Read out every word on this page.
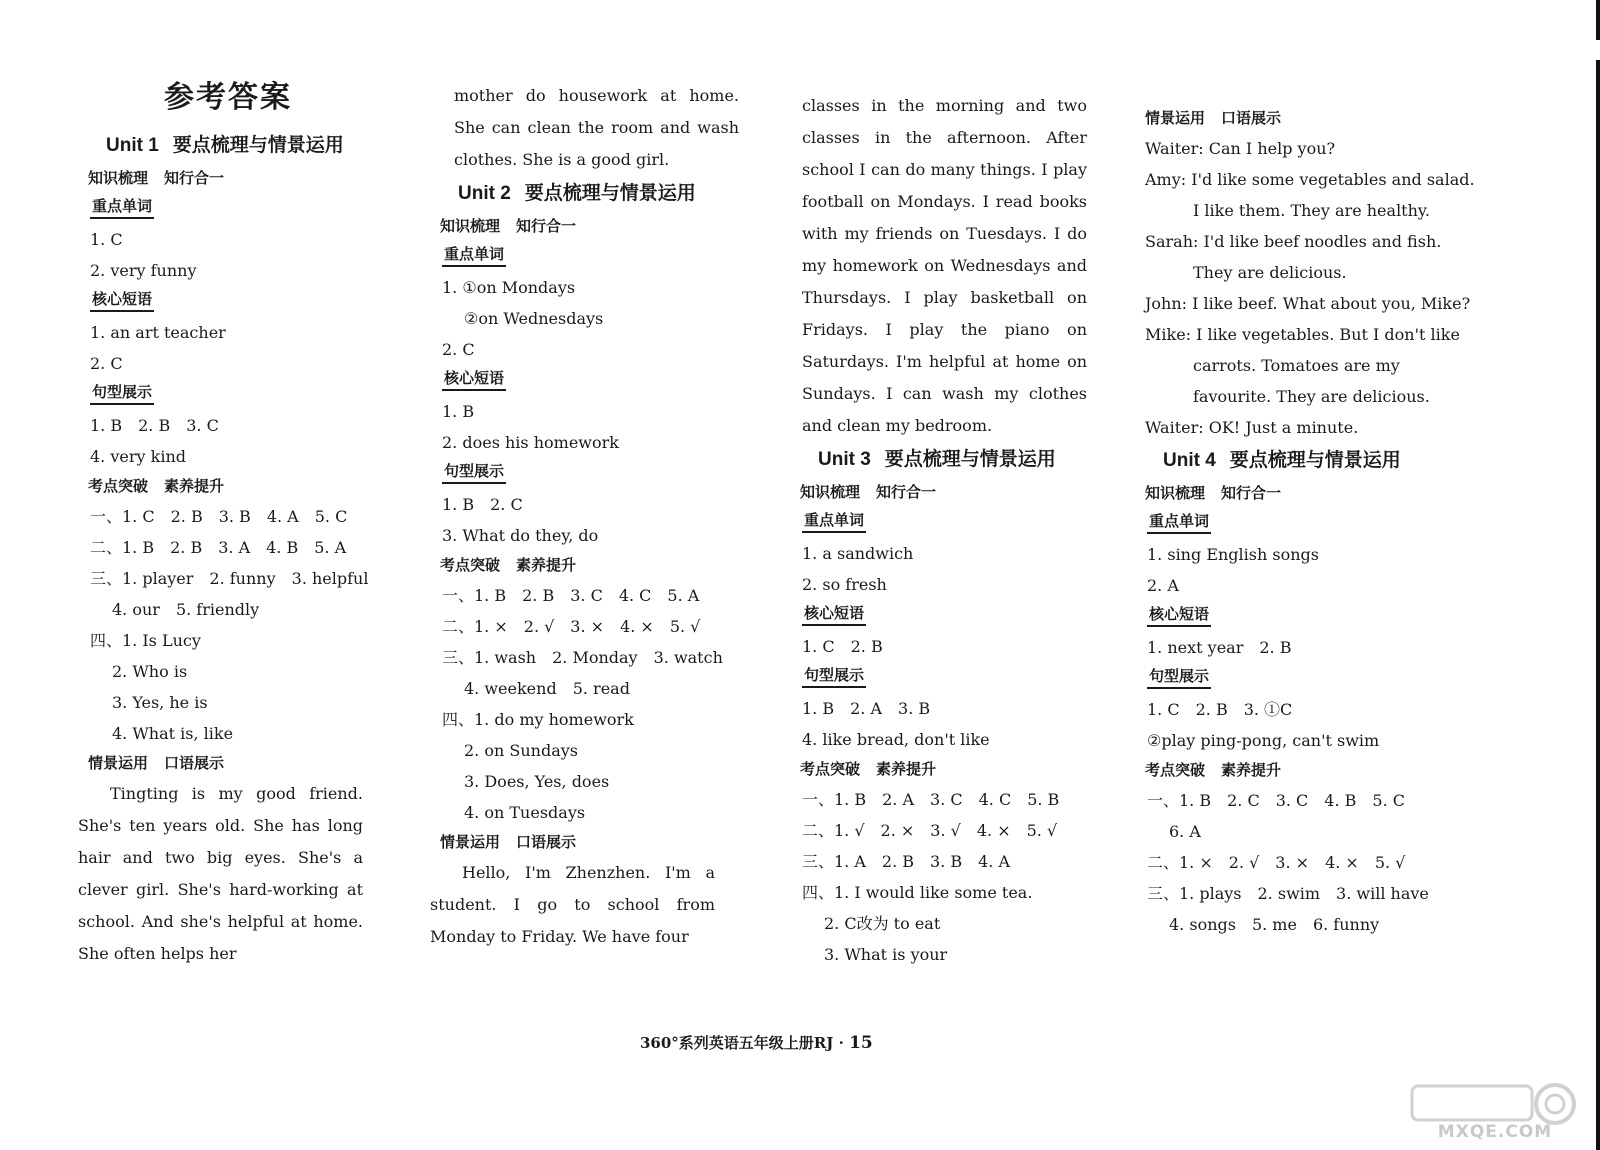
参考答案
Unit 1 要点梳理与情景运用
知识梳理 知行合一
重点单词
1. C
2. very funny
核心短语
1. an art teacher
2. C
句型展示
1. B　2. B　3. C
4. very kind
考点突破 素养提升
一、1. C　2. B　3. B　4. A　5. C
二、1. B　2. B　3. A　4. B　5. A
三、1. player　2. funny　3. helpful
4. our　5. friendly
四、1. Is Lucy
2. Who is
3. Yes, he is
4. What is, like
情景运用 口语展示
Tingting is my good friend. She's ten years old. She has long hair and two big eyes. She's a clever girl. She's hard-working at school. And she's helpful at home. She often helps her
mother do housework at home. She can clean the room and wash clothes. She is a good girl.
Unit 2 要点梳理与情景运用
知识梳理 知行合一
重点单词
1. ①on Mondays
②on Wednesdays
2. C
核心短语
1. B
2. does his homework
句型展示
1. B　2. C
3. What do they, do
考点突破 素养提升
一、1. B　2. B　3. C　4. C　5. A
二、1. ×　2. √　3. ×　4. ×　5. √
三、1. wash　2. Monday　3. watch
4. weekend　5. read
四、1. do my homework
2. on Sundays
3. Does, Yes, does
4. on Tuesdays
情景运用 口语展示
Hello, I'm Zhenzhen. I'm a student. I go to school from Monday to Friday. We have four
classes in the morning and two classes in the afternoon. After school I can do many things. I play football on Mondays. I read books with my friends on Tuesdays. I do my homework on Wednesdays and Thursdays. I play basketball on Fridays. I play the piano on Saturdays. I'm helpful at home on Sundays. I can wash my clothes and clean my bedroom.
Unit 3 要点梳理与情景运用
知识梳理 知行合一
重点单词
1. a sandwich
2. so fresh
核心短语
1. C　2. B
句型展示
1. B　2. A　3. B
4. like bread, don't like
考点突破 素养提升
一、1. B　2. A　3. C　4. C　5. B
二、1. √　2. ×　3. √　4. ×　5. √
三、1. A　2. B　3. B　4. A
四、1. I would like some tea.
2. C改为 to eat
3. What is your
情景运用 口语展示
Waiter: Can I help you?
Amy: I'd like some vegetables and salad. I like them. They are healthy.
Sarah: I'd like beef noodles and fish. They are delicious.
John: I like beef. What about you, Mike?
Mike: I like vegetables. But I don't like carrots. Tomatoes are my favourite. They are delicious.
Waiter: OK! Just a minute.
Unit 4 要点梳理与情景运用
知识梳理 知行合一
重点单词
1. sing English songs
2. A
核心短语
1. next year　2. B
句型展示
1. C　2. B　3. ①C
②play ping-pong, can't swim
考点突破 素养提升
一、1. B　2. C　3. C　4. B　5. C
6. A
二、1. ×　2. √　3. ×　4. ×　5. √
三、1. plays　2. swim　3. will have
4. songs　5. me　6. funny
360°系列英语五年级上册RJ · 15
MXQE.COM
